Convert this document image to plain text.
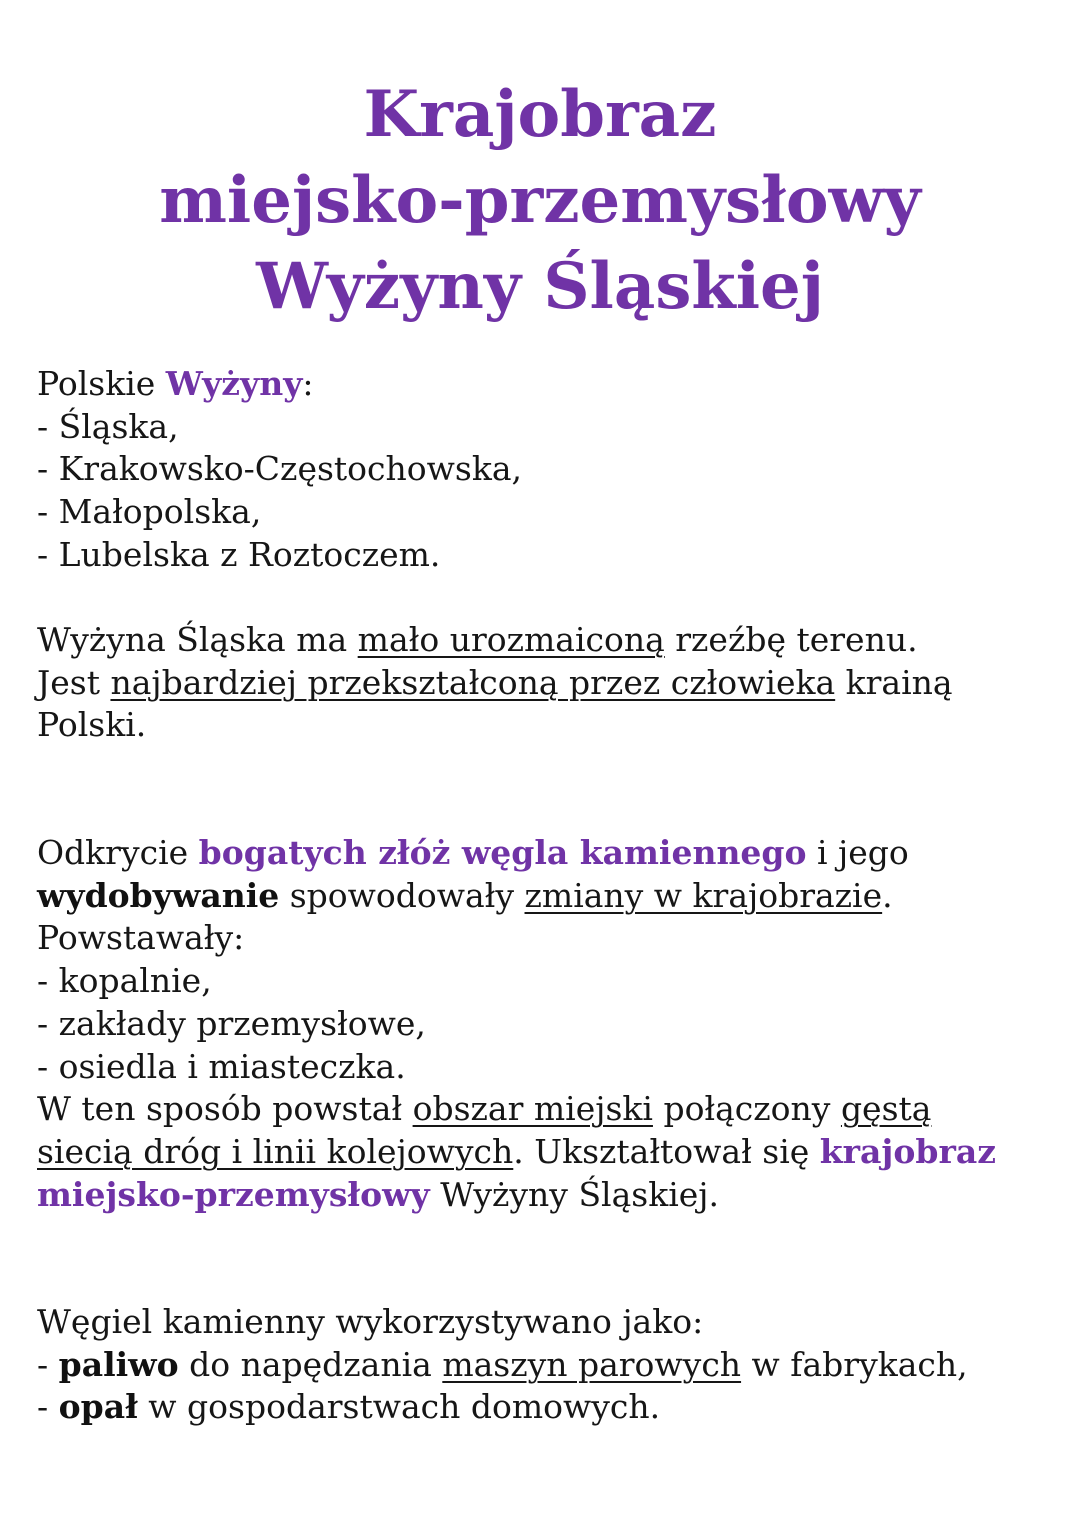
Krajobraz
miejsko-przemysłowy
Wyżyny Śląskiej
Polskie Wyżyny:
- Śląska,
- Krakowsko-Częstochowska,
- Małopolska,
- Lubelska z Roztoczem.
Wyżyna Śląska ma mało urozmaiconą rzeźbę terenu.
Jest najbardziej przekształconą przez człowieka krainą
Polski.
Odkrycie bogatych złóż węgla kamiennego i jego
wydobywanie spowodowały zmiany w krajobrazie.
Powstawały:
- kopalnie,
- zakłady przemysłowe,
- osiedla i miasteczka.
W ten sposób powstał obszar miejski połączony gęstą
siecią dróg i linii kolejowych. Ukształtował się krajobraz
miejsko-przemysłowy Wyżyny Śląskiej.
Węgiel kamienny wykorzystywano jako:
- paliwo do napędzania maszyn parowych w fabrykach,
- opał w gospodarstwach domowych.
